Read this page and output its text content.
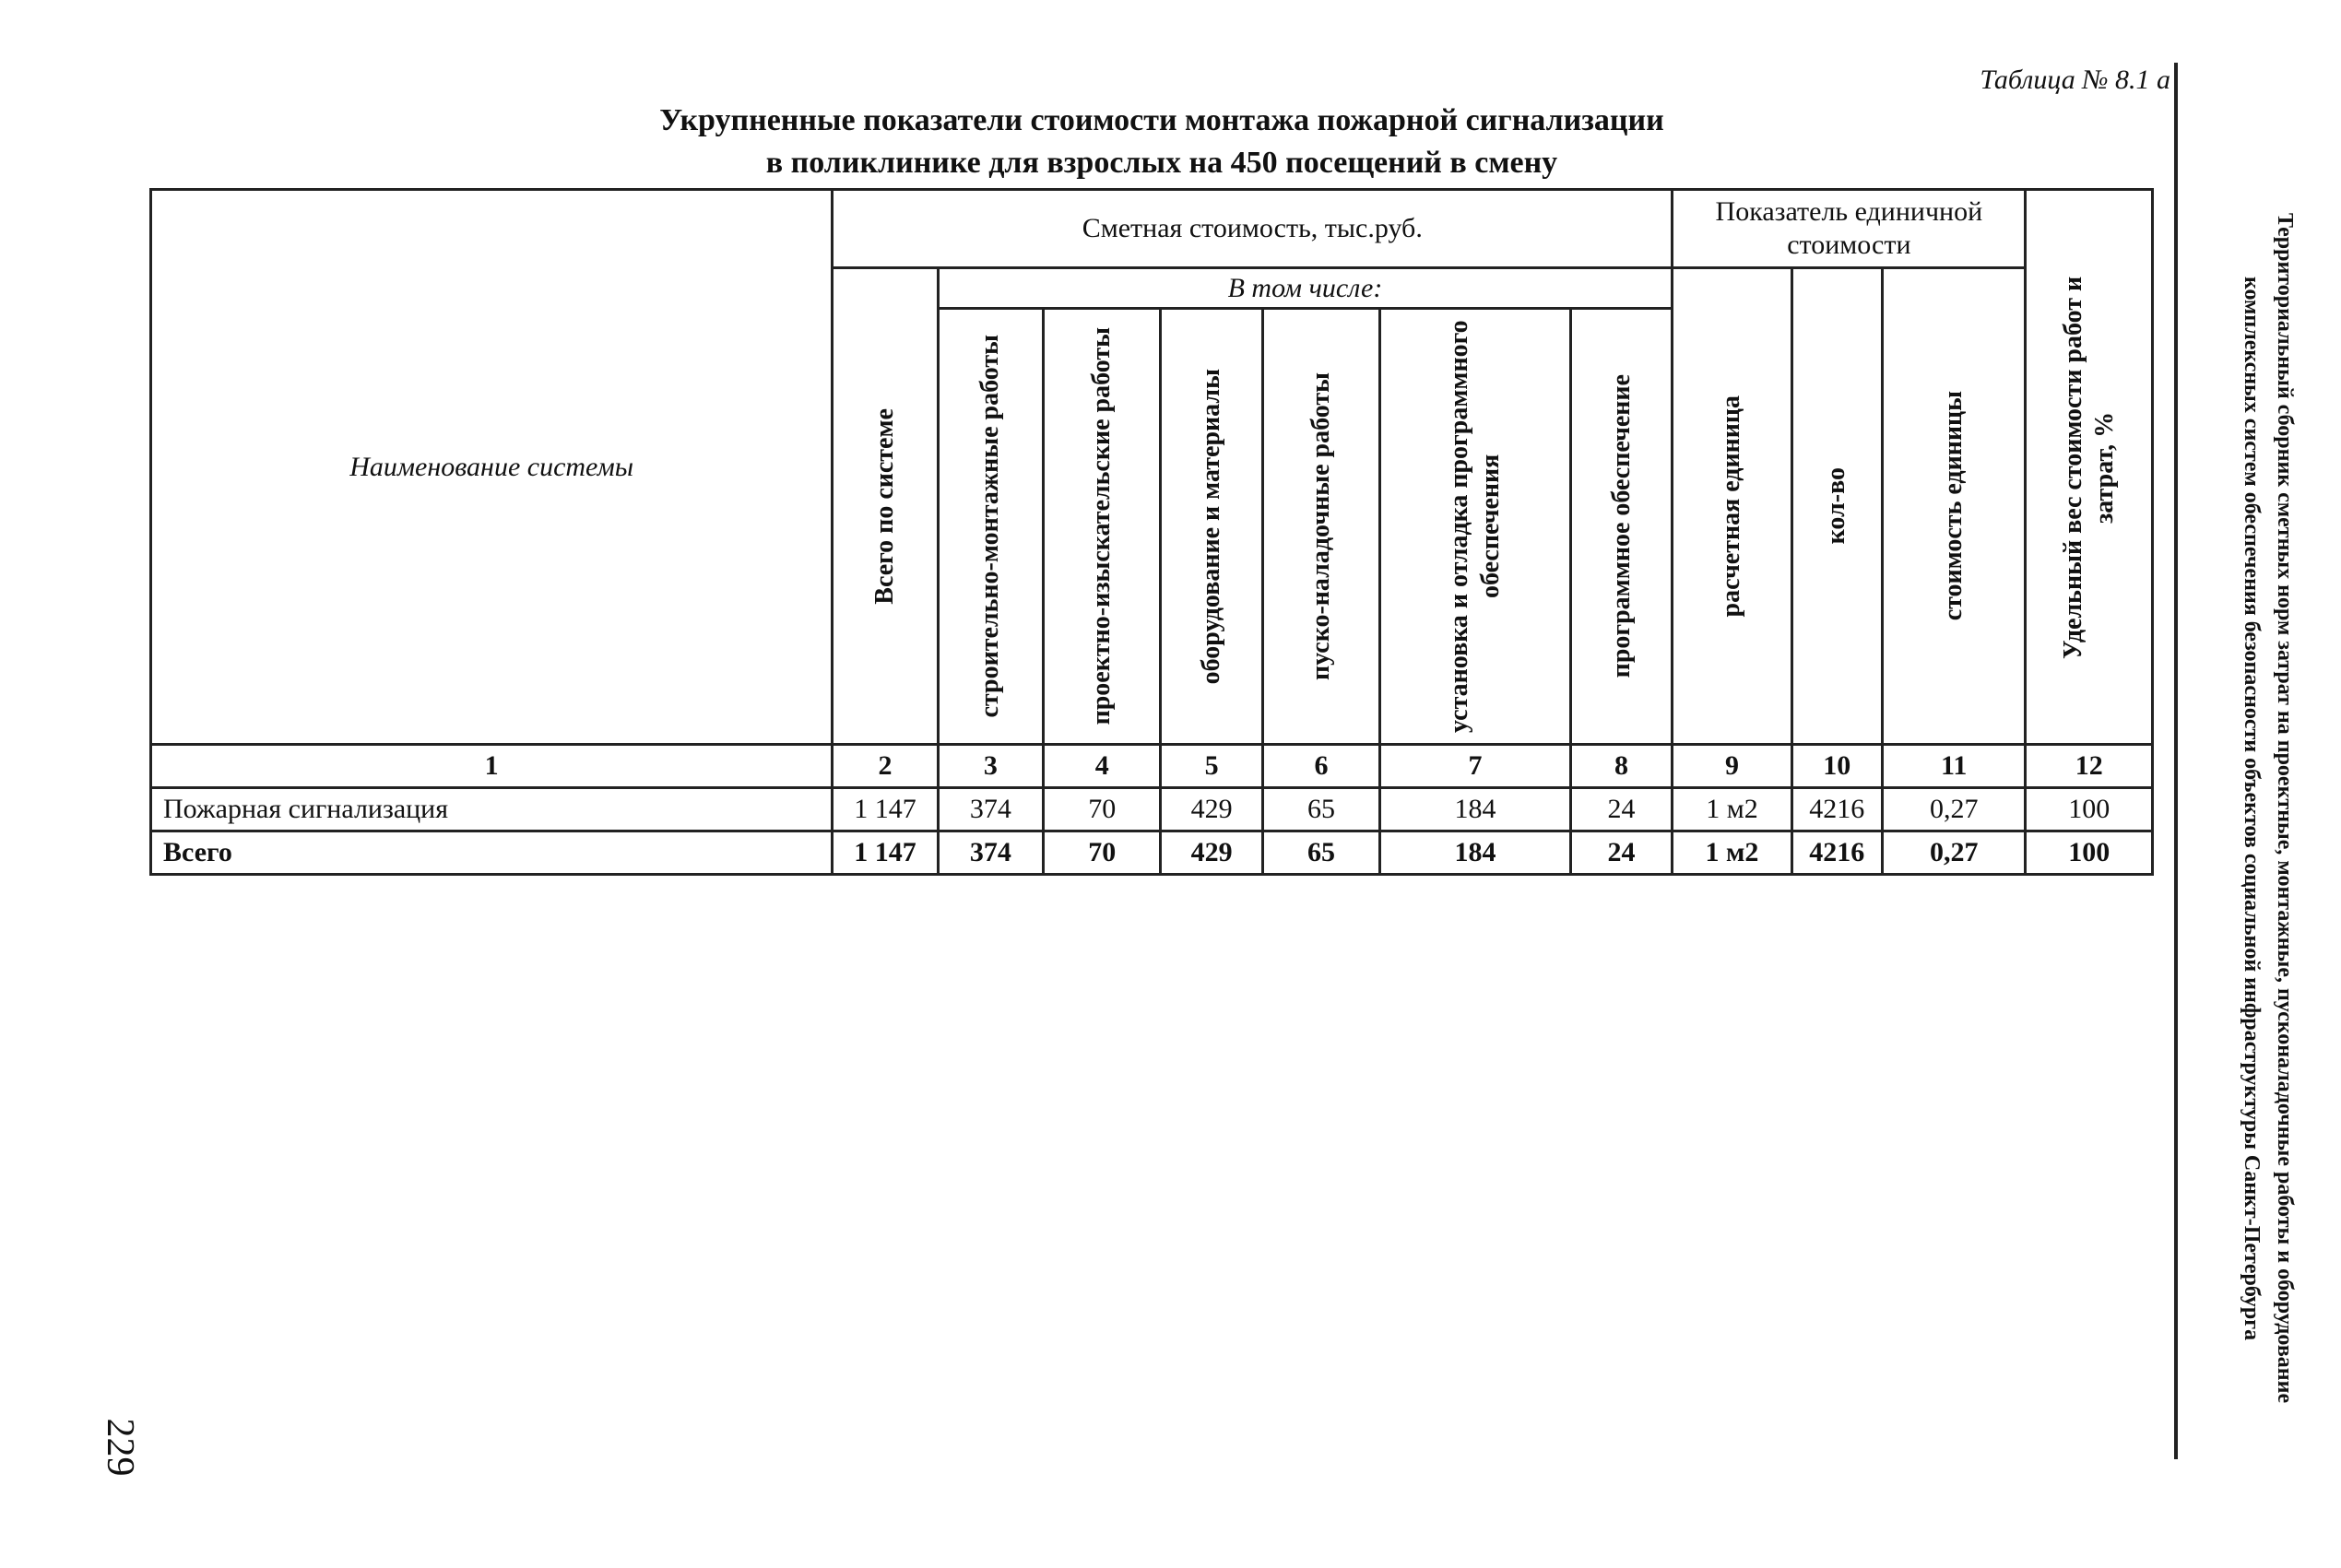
Таблица № 8.1 а
Укрупненные показатели стоимости монтажа пожарной сигнализации
в поликлинике для взрослых на 450 посещений в смену
Территориальный сборник сметных норм затрат на проектные, монтажные, пусконаладочные работы и оборудование
комплексных систем обеспечения безопасности объектов социальной инфраструктуры Санкт-Петербурга
229
Наименование системы	Сметная стоимость, тыс.руб.							Показатель единичной стоимости			Удельный вес стоимости работ и затрат, %

	Всего по системе	В том числе:						расчетная единица	кол-во	стоимость единицы	

		строительно-монтажные работы	проектно-изыскательские работы	оборудование и материалы	пуско-наладочные работы	установка и отладка программного обеспечения	программное обеспечение				

1	2	3	4	5	6	7	8	9	10	11	12
Пожарная сигнализация	1 147	374	70	429	65	184	24	1 м2	4216	0,27	100
Всего	1 147	374	70	429	65	184	24	1 м2	4216	0,27	100
